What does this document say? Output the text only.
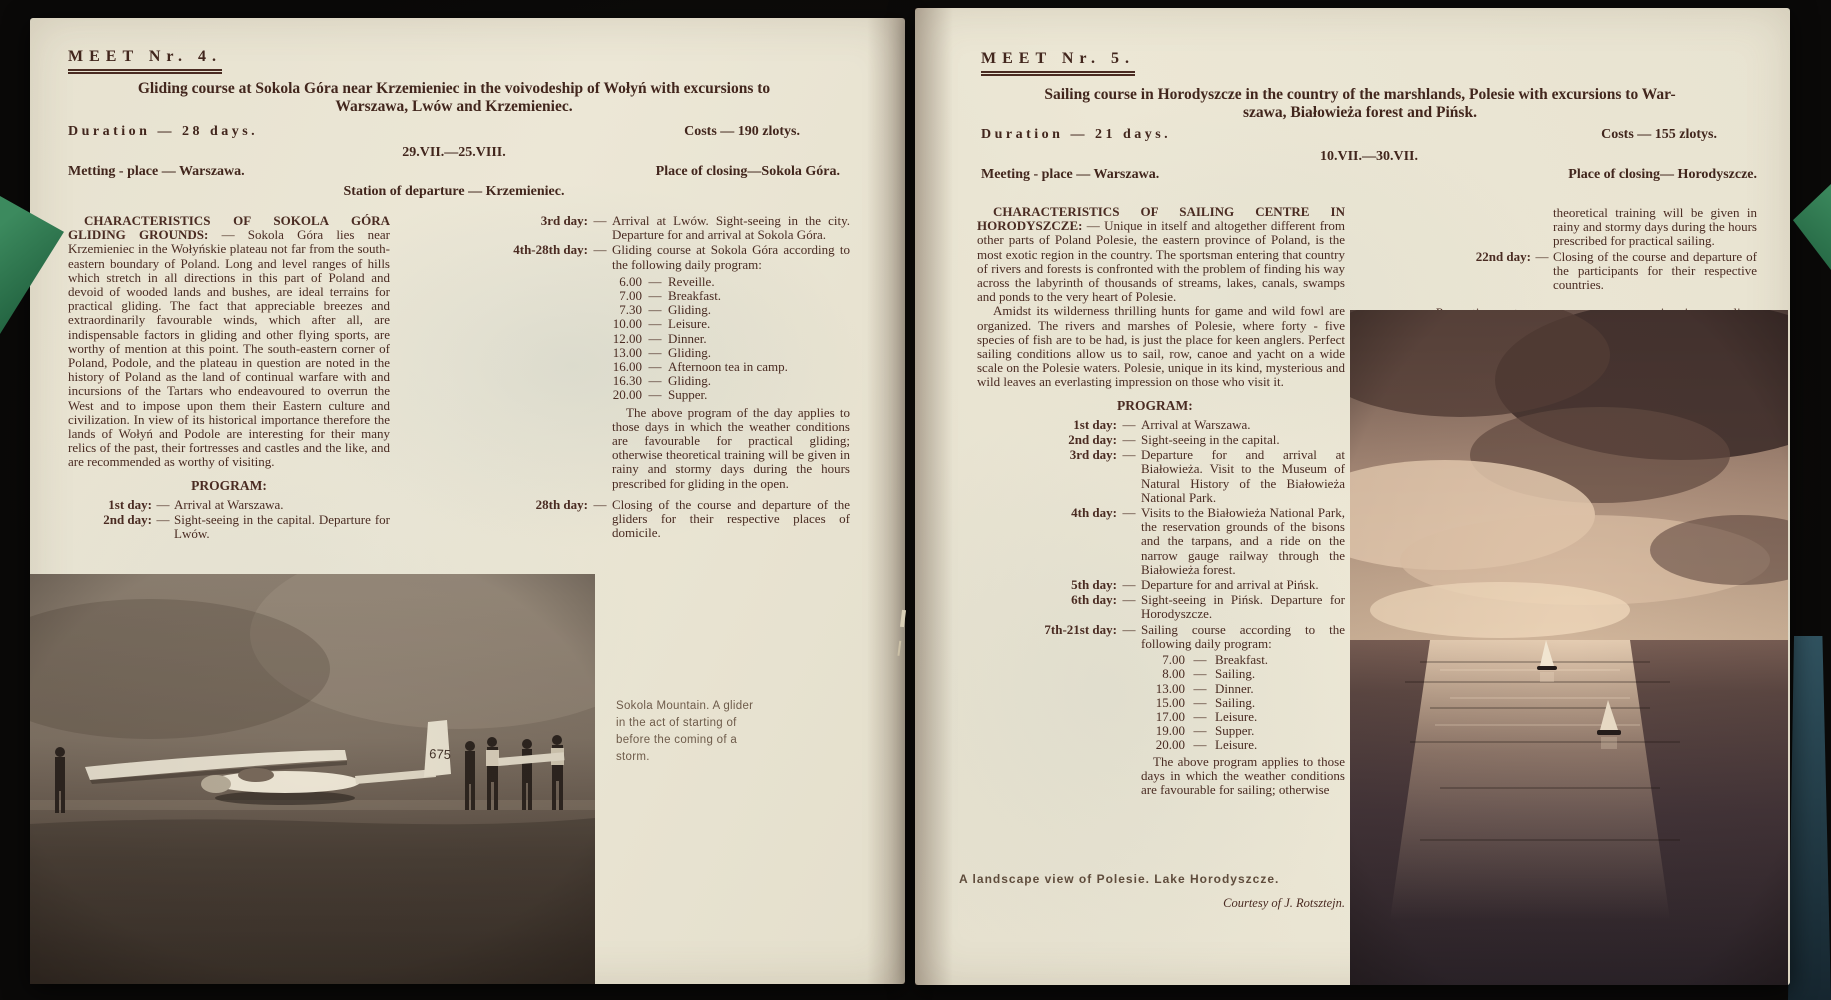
MEET Nr. 4.
Gliding course at Sokola Góra near Krzemieniec in the voivodeship of Wołyń with excursions to
Warszawa, Lwów and Krzemieniec.
Duration — 28 days.	Costs — 190 zlotys.
29.VII.—25.VIII.
Metting - place — Warszawa.	Place of closing—Sokola Góra.
Station of departure — Krzemieniec.

CHARACTERISTICS OF SOKOLA GÓRA GLIDING GROUNDS: — Sokola Góra lies near Krzemieniec in the Wołyńskie plateau not far from the south-eastern boundary of Poland. Long and level ranges of hills which stretch in all directions in this part of Poland and devoid of wooded lands and bushes, are ideal terrains for practical gliding. The fact that appreciable breezes and extraordinarily favourable winds, which after all, are indispensable factors in gliding and other flying sports, are worthy of mention at this point. The south-eastern corner of Poland, Podole, and the plateau in question are noted in the history of Poland as the land of continual warfare with and incursions of the Tartars who endeavoured to overrun the West and to impose upon them their Eastern culture and civilization. In view of its historical importance therefore the lands of Wołyń and Podole are interesting for their many relics of the past, their fortresses and castles and the like, and are recommended as worthy of visiting.

PROGRAM:
1st day: — Arrival at Warszawa.
2nd day: — Sight-seeing in the capital. Departure for Lwów.
3rd day: — Arrival at Lwów. Sight-seeing in the city. Departure for and arrival at Sokola Góra.
4th-28th day: — Gliding course at Sokola Góra according to the following daily program:
6.00 — Reveille.
7.00 — Breakfast.
7.30 — Gliding.
10.00 — Leisure.
12.00 — Dinner.
13.00 — Gliding.
16.00 — Afternoon tea in camp.
16.30 — Gliding.
20.00 — Supper.

The above program of the day applies to those days in which the weather conditions are favourable for practical gliding; otherwise theoretical training will be given in rainy and stormy days during the hours prescribed for gliding in the open.

28th day: — Closing of the course and departure of the gliders for their respective places of domicile.
Sokola Mountain. A glider in the act of starting of before the coming of a storm.
MEET Nr. 5.
Sailing course in Horodyszcze in the country of the marshlands, Polesie with excursions to War-
szawa, Białowieża forest and Pińsk.
Duration — 21 days.	Costs — 155 zlotys.
10.VII.—30.VII.
Meeting - place — Warszawa.	Place of closing— Horodyszcze.

CHARACTERISTICS OF SAILING CENTRE IN HORODYSZCZE: — Unique in itself and altogether different from other parts of Poland Polesie, the eastern province of Poland, is the most exotic region in the country. The sportsman entering that country of rivers and forests is confronted with the problem of finding his way across the labyrinth of thousands of streams, lakes, canals, swamps and ponds to the very heart of Polesie.

Amidst its wilderness thrilling hunts for game and wild fowl are organized. The rivers and marshes of Polesie, where forty - five species of fish are to be had, is just the place for keen anglers. Perfect sailing conditions allow us to sail, row, canoe and yacht on a wide scale on the Polesie waters. Polesie, unique in its kind, mysterious and wild leaves an everlasting impression on those who visit it.

PROGRAM:
1st day: — Arrival at Warszawa.
2nd day: — Sight-seeing in the capital.
3rd day: — Departure for and arrival at Białowieża. Visit to the Museum of Natural History of the Białowieża National Park.
4th day: — Visits to the Białowieża National Park, the reservation grounds of the bisons and the tarpans, and a ride on the narrow gauge railway through the Białowieża forest.
5th day: — Departure for and arrival at Pińsk.
6th day: — Sight-seeing in Pińsk. Departure for Horodyszcze.
7th-21st day: — Sailing course according to the following daily program:
7.00 — Breakfast.
8.00 — Sailing.
13.00 — Dinner.
15.00 — Sailing.
17.00 — Leisure.
19.00 — Supper.
20.00 — Leisure.

The above program applies to those days in which the weather conditions are favourable for sailing; otherwise

theoretical training will be given in rainy and stormy days during the hours prescribed for practical sailing.
22nd day: — Closing of the course and departure of the participants for their respective countries.

A landscape view of Polesie. Lake Horodyszcze.
Courtesy of J. Rotsztejn.
